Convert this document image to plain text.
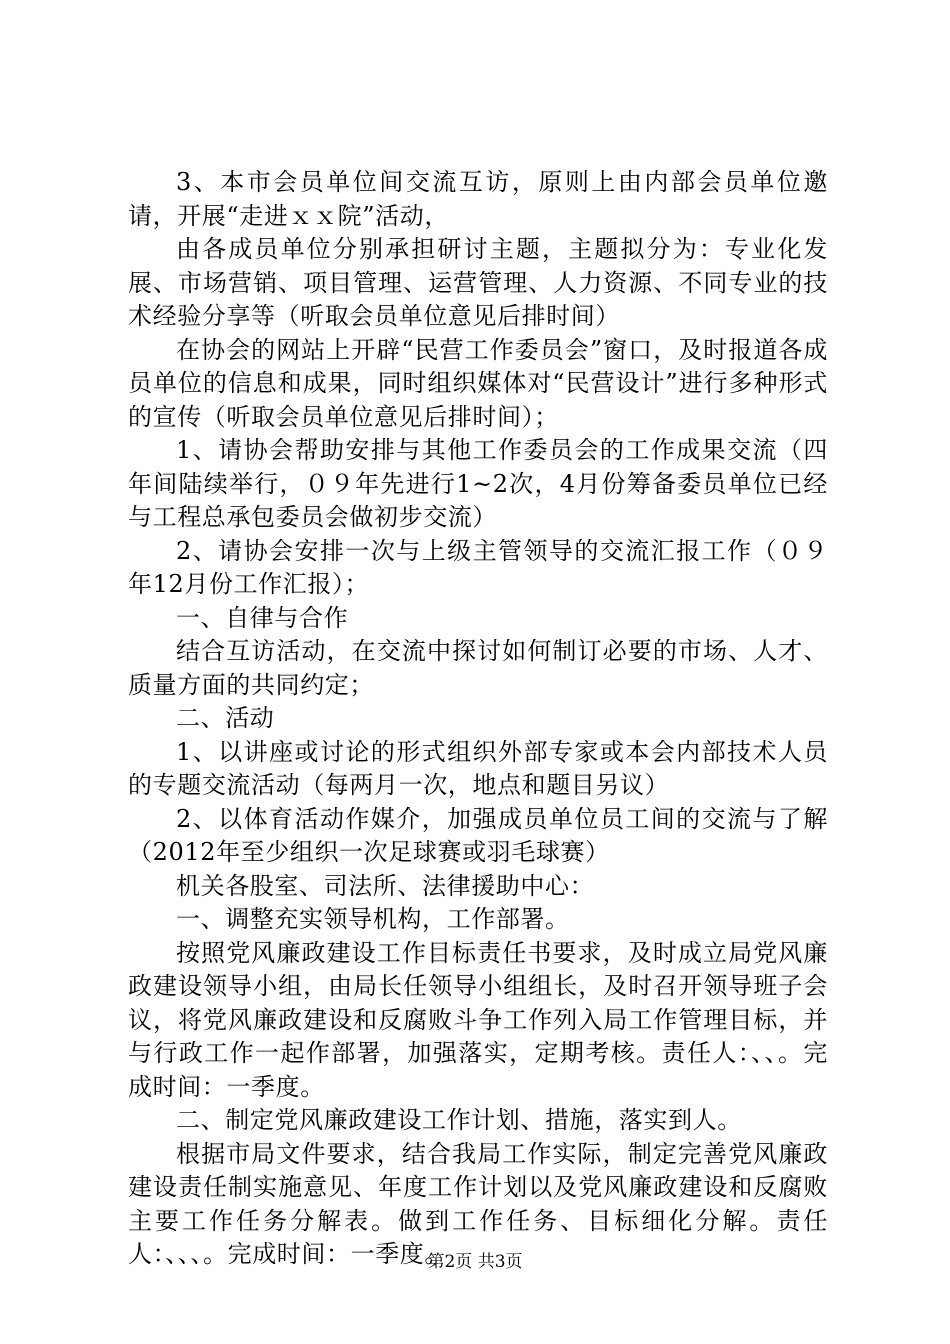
3、本市会员单位间交流互访，原则上由内部会员单位邀请，开展“走进ｘｘ院”活动，

由各成员单位分别承担研讨主题，主题拟分为：专业化发展、市场营销、项目管理、运营管理、人力资源、不同专业的技术经验分享等（听取会员单位意见后排时间）

在协会的网站上开辟“民营工作委员会”窗口，及时报道各成员单位的信息和成果，同时组织媒体对“民营设计”进行多种形式的宣传（听取会员单位意见后排时间）；

1、请协会帮助安排与其他工作委员会的工作成果交流（四年间陆续举行，０９年先进行1~2次，4月份筹备委员单位已经与工程总承包委员会做初步交流）

2、请协会安排一次与上级主管领导的交流汇报工作（０９年12月份工作汇报）；

一、自律与合作

结合互访活动，在交流中探讨如何制订必要的市场、人才、质量方面的共同约定；

二、活动

1、以讲座或讨论的形式组织外部专家或本会内部技术人员的专题交流活动（每两月一次，地点和题目另议）

2、以体育活动作媒介，加强成员单位员工间的交流与了解（2012年至少组织一次足球赛或羽毛球赛）

机关各股室、司法所、法律援助中心：

一、调整充实领导机构，工作部署。

按照党风廉政建设工作目标责任书要求，及时成立局党风廉政建设领导小组，由局长任领导小组组长，及时召开领导班子会议，将党风廉政建设和反腐败斗争工作列入局工作管理目标，并与行政工作一起作部署，加强落实，定期考核。责任人：、、。完成时间：一季度。

二、制定党风廉政建设工作计划、措施，落实到人。

根据市局文件要求，结合我局工作实际，制定完善党风廉政建设责任制实施意见、年度工作计划以及党风廉政建设和反腐败主要工作任务分解表。做到工作任务、目标细化分解。责任人：、、、。完成时间：一季度。

第2页 共3页
